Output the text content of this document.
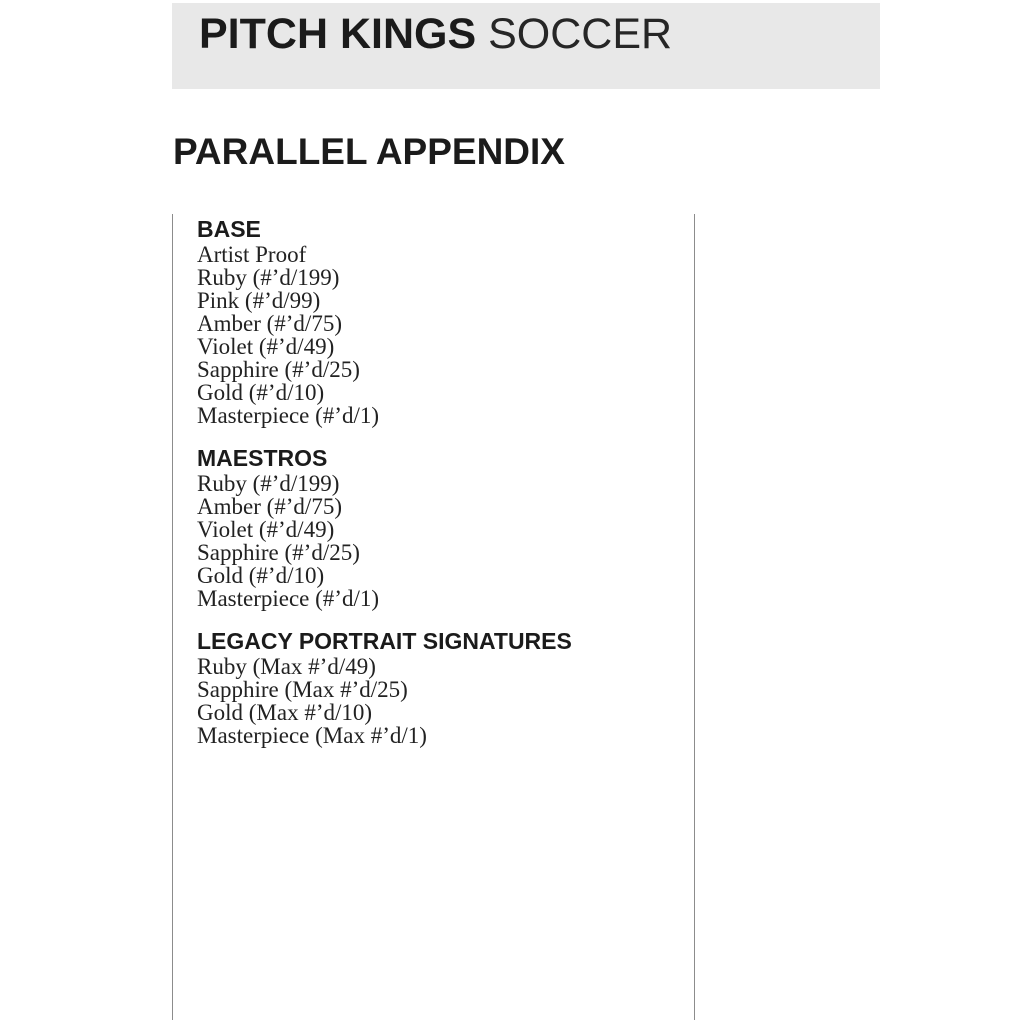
PITCH KINGS SOCCER
PARALLEL APPENDIX
BASE
Artist Proof
Ruby (#’d/199)
Pink (#’d/99)
Amber (#’d/75)
Violet (#’d/49)
Sapphire (#’d/25)
Gold (#’d/10)
Masterpiece (#’d/1)
MAESTROS
Ruby (#’d/199)
Amber (#’d/75)
Violet (#’d/49)
Sapphire (#’d/25)
Gold (#’d/10)
Masterpiece (#’d/1)
LEGACY PORTRAIT SIGNATURES
Ruby (Max #’d/49)
Sapphire (Max #’d/25)
Gold (Max #’d/10)
Masterpiece (Max #’d/1)
